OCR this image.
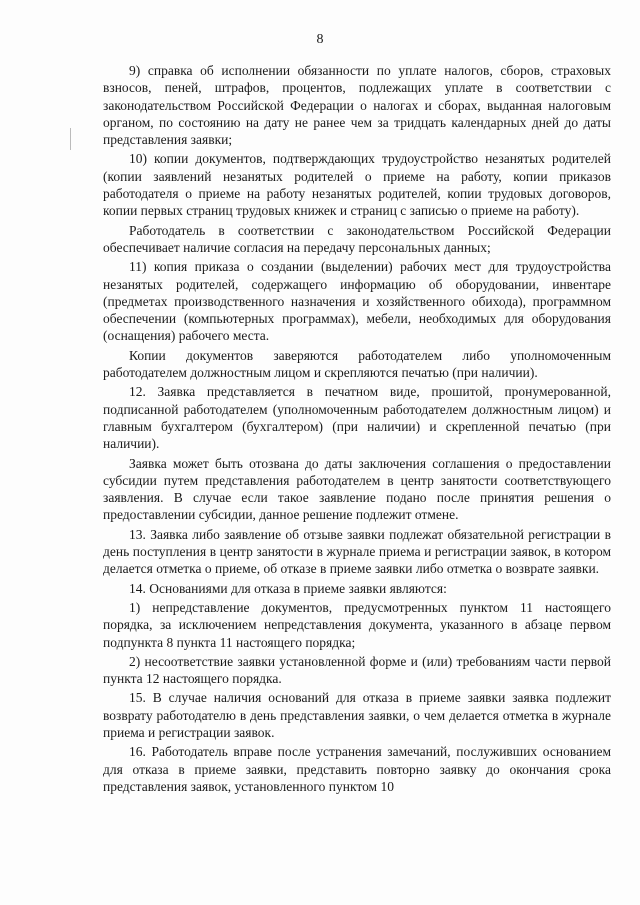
8

9) справка об исполнении обязанности по уплате налогов, сборов, страховых взносов, пеней, штрафов, процентов, подлежащих уплате в соответствии с законодательством Российской Федерации о налогах и сборах, выданная налоговым органом, по состоянию на дату не ранее чем за тридцать календарных дней до даты представления заявки;

10) копии документов, подтверждающих трудоустройство незанятых родителей (копии заявлений незанятых родителей о приеме на работу, копии приказов работодателя о приеме на работу незанятых родителей, копии трудовых договоров, копии первых страниц трудовых книжек и страниц с записью о приеме на работу).

Работодатель в соответствии с законодательством Российской Федерации обеспечивает наличие согласия на передачу персональных данных;

11) копия приказа о создании (выделении) рабочих мест для трудоустройства незанятых родителей, содержащего информацию об оборудовании, инвентаре (предметах производственного назначения и хозяйственного обихода), программном обеспечении (компьютерных программах), мебели, необходимых для оборудования (оснащения) рабочего места.

Копии документов заверяются работодателем либо уполномоченным работодателем должностным лицом и скрепляются печатью (при наличии).

12. Заявка представляется в печатном виде, прошитой, пронумерованной, подписанной работодателем (уполномоченным работодателем должностным лицом) и главным бухгалтером (бухгалтером) (при наличии) и скрепленной печатью (при наличии).

Заявка может быть отозвана до даты заключения соглашения о предоставлении субсидии путем представления работодателем в центр занятости соответствующего заявления. В случае если такое заявление подано после принятия решения о предоставлении субсидии, данное решение подлежит отмене.

13. Заявка либо заявление об отзыве заявки подлежат обязательной регистрации в день поступления в центр занятости в журнале приема и регистрации заявок, в котором делается отметка о приеме, об отказе в приеме заявки либо отметка о возврате заявки.

14. Основаниями для отказа в приеме заявки являются:

1) непредставление документов, предусмотренных пунктом 11 настоящего порядка, за исключением непредставления документа, указанного в абзаце первом подпункта 8 пункта 11 настоящего порядка;

2) несоответствие заявки установленной форме и (или) требованиям части первой пункта 12 настоящего порядка.

15. В случае наличия оснований для отказа в приеме заявки заявка подлежит возврату работодателю в день представления заявки, о чем делается отметка в журнале приема и регистрации заявок.

16. Работодатель вправе после устранения замечаний, послуживших основанием для отказа в приеме заявки, представить повторно заявку до окончания срока представления заявок, установленного пунктом 10
